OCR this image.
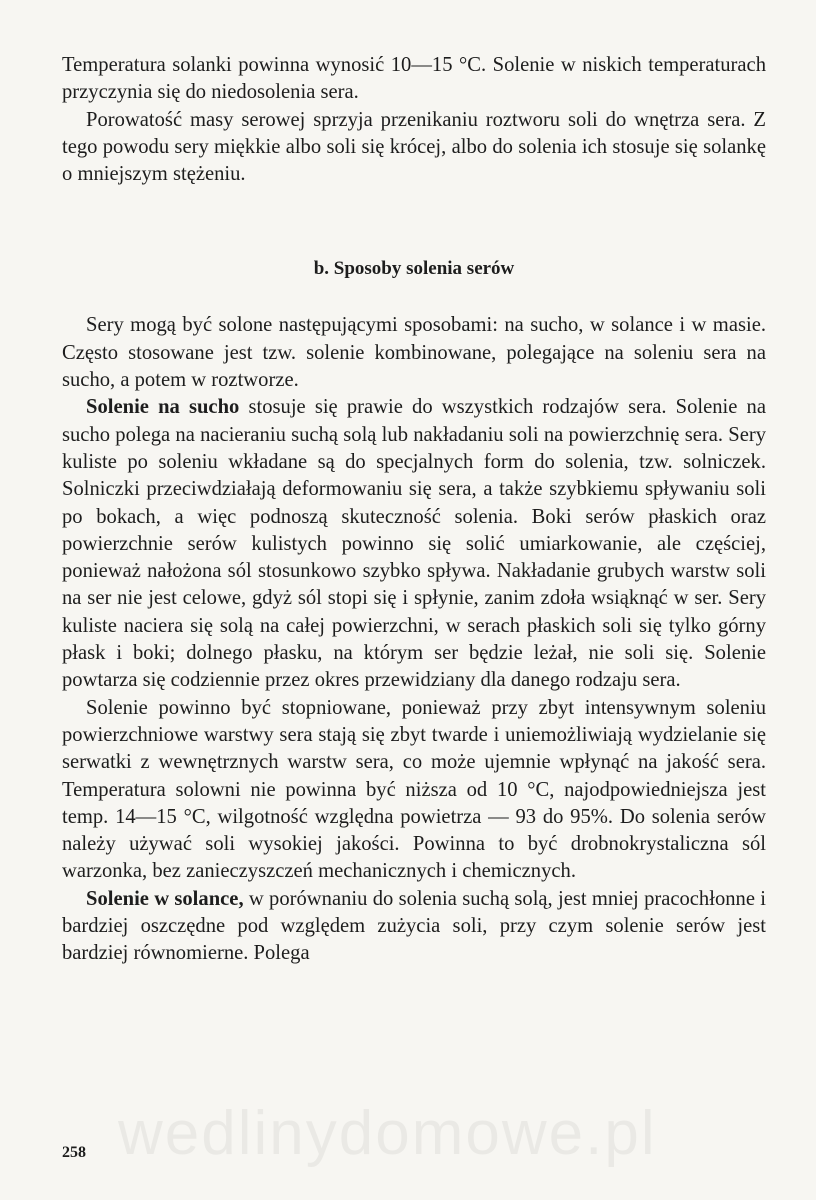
Temperatura solanki powinna wynosić 10—15 °C. Solenie w niskich temperaturach przyczynia się do niedosolenia sera.

Porowatość masy serowej sprzyja przenikaniu roztworu soli do wnętrza sera. Z tego powodu sery miękkie albo soli się krócej, albo do solenia ich stosuje się solankę o mniejszym stężeniu.

b. Sposoby solenia serów

Sery mogą być solone następującymi sposobami: na sucho, w solance i w masie. Często stosowane jest tzw. solenie kombinowane, polegające na soleniu sera na sucho, a potem w roztworze.

Solenie na sucho stosuje się prawie do wszystkich rodzajów sera. Solenie na sucho polega na nacieraniu suchą solą lub nakładaniu soli na powierzchnię sera. Sery kuliste po soleniu wkładane są do specjalnych form do solenia, tzw. solniczek. Solniczki przeciwdziałają deformowaniu się sera, a także szybkiemu spływaniu soli po bokach, a więc podnoszą skuteczność solenia. Boki serów płaskich oraz powierzchnie serów kulistych powinno się solić umiarkowanie, ale częściej, ponieważ nałożona sól stosunkowo szybko spływa. Nakładanie grubych warstw soli na ser nie jest celowe, gdyż sól stopi się i spłynie, zanim zdoła wsiąknąć w ser. Sery kuliste naciera się solą na całej powierzchni, w serach płaskich soli się tylko górny płask i boki; dolnego płasku, na którym ser będzie leżał, nie soli się. Solenie powtarza się codziennie przez okres przewidziany dla danego rodzaju sera.

Solenie powinno być stopniowane, ponieważ przy zbyt intensywnym soleniu powierzchniowe warstwy sera stają się zbyt twarde i uniemożliwiają wydzielanie się serwatki z wewnętrznych warstw sera, co może ujemnie wpłynąć na jakość sera. Temperatura solowni nie powinna być niższa od 10 °C, najodpowiedniejsza jest temp. 14—15 °C, wilgotność względna powietrza — 93 do 95%. Do solenia serów należy używać soli wysokiej jakości. Powinna to być drobnokrystaliczna sól warzonka, bez zanieczyszczeń mechanicznych i chemicznych.

Solenie w solance, w porównaniu do solenia suchą solą, jest mniej pracochłonne i bardziej oszczędne pod względem zużycia soli, przy czym solenie serów jest bardziej równomierne. Polega

wedlinydomowe.pl
258
